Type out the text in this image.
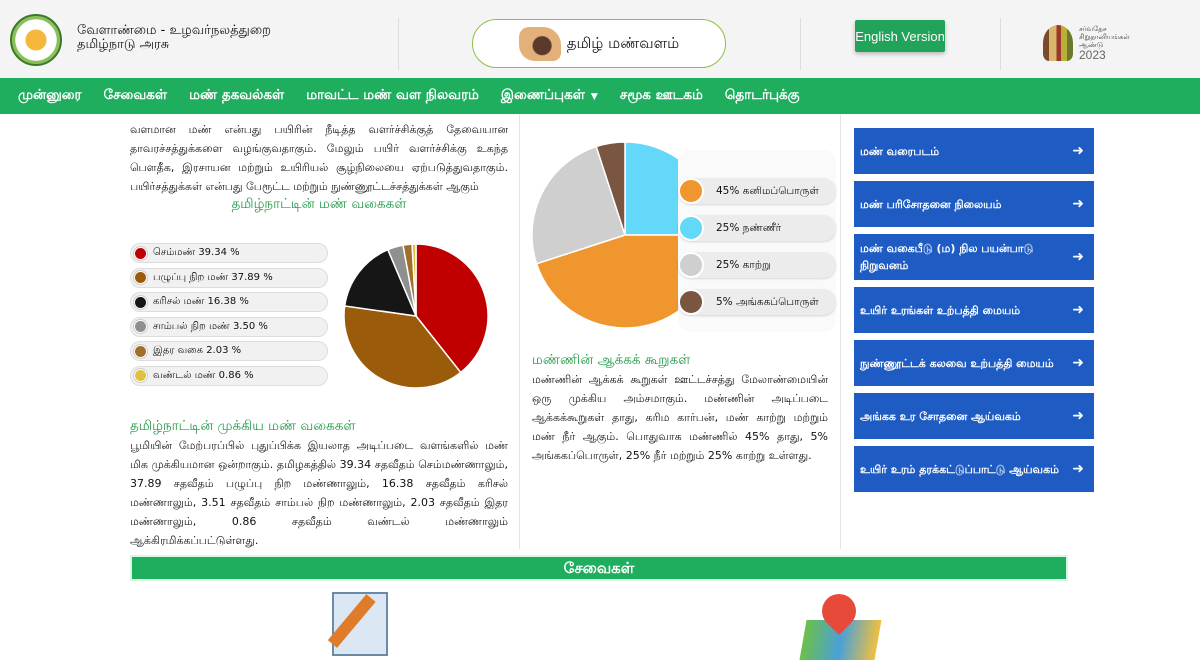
வேளாண்மை - உழவர்நலத்துறை
தமிழ்நாடு அரசு	தமிழ் மண்வளம்	English Version	சர்வதேச
சிறுதானியங்கள்
ஆண்டு
2023
முன்னுரை சேவைகள் மண் தகவல்கள் மாவட்ட மண் வள நிலவரம் இணைப்புகள் ▼ சமூக ஊடகம் தொடர்புக்கு

வளமான மண் என்பது பயிரின் நீடித்த வளர்ச்சிக்குத் தேவையான தாவரச்சத்துக்களை வழங்குவதாகும். மேலும் பயிர் வளர்ச்சிக்கு உகந்த பௌதீக, இரசாயன மற்றும் உயிரியல் சூழ்நிலையை ஏற்படுத்துவதாகும். பயிர்சத்துக்கள் என்பது பேரூட்ட மற்றும் நுண்ணூட்டச்சத்துக்கள் ஆகும்

தமிழ்நாட்டின் மண் வகைகள்
செம்மண் 39.34 %
பழுப்பு நிற மண் 37.89 %
கரிசல் மண் 16.38 %
சாம்பல் நிற மண் 3.50 %
இதர வகை 2.03 %
வண்டல் மண் 0.86 %
தமிழ்நாட்டின் முக்கிய மண் வகைகள்

பூமியின் மேற்பரப்பில் புதுப்பிக்க இயலாத அடிப்படை வளங்களில் மண் மிக முக்கியமான ஒன்றாகும். தமிழகத்தில் 39.34 சதவீதம் செம்மண்ணாலும், 37.89 சதவீதம் பழுப்பு நிற மண்ணாலும், 16.38 சதவீதம் கரிசல் மண்ணாலும், 3.51 சதவீதம் சாம்பல் நிற மண்ணாலும், 2.03 சதவீதம் இதர மண்ணாலும், 0.86 சதவீதம் வண்டல் மண்ணாலும் ஆக்கிரமிக்கப்பட்டுள்ளது.

45% கனிமப்பொருள்
25% நண்ணீர்
25% காற்று
5% அங்ககப்பொருள்
மண்ணின் ஆக்கக் கூறுகள்

மண்ணின் ஆக்கக் கூறுகள் ஊட்டச்சத்து மேலாண்மையின் ஒரு முக்கிய அம்சமாகும். மண்ணின் அடிப்படை ஆக்கக்கூறுகள் தாது, கரிம கார்பன், மண் காற்று மற்றும் மண் நீர் ஆகும். பொதுவாக மண்ணில் 45% தாது, 5% அங்ககப்பொருள், 25% நீர் மற்றும் 25% காற்று உள்ளது.

மண் வரைபடம்	➜
மண் பரிசோதனை நிலையம்	➜
மண் வகைபீடு (ம) நில பயன்பாடு நிறுவனம்
➜
உயிர் உரங்கள் உற்பத்தி மையம்	➜
நுண்ணூட்டக் கலவை உற்பத்தி மையம் ➜
அங்கக உர சோதனை ஆய்வகம்	➜
உயிர் உரம் தரக்கட்டுப்பாட்டு ஆய்வகம் ➜
சேவைகள்
